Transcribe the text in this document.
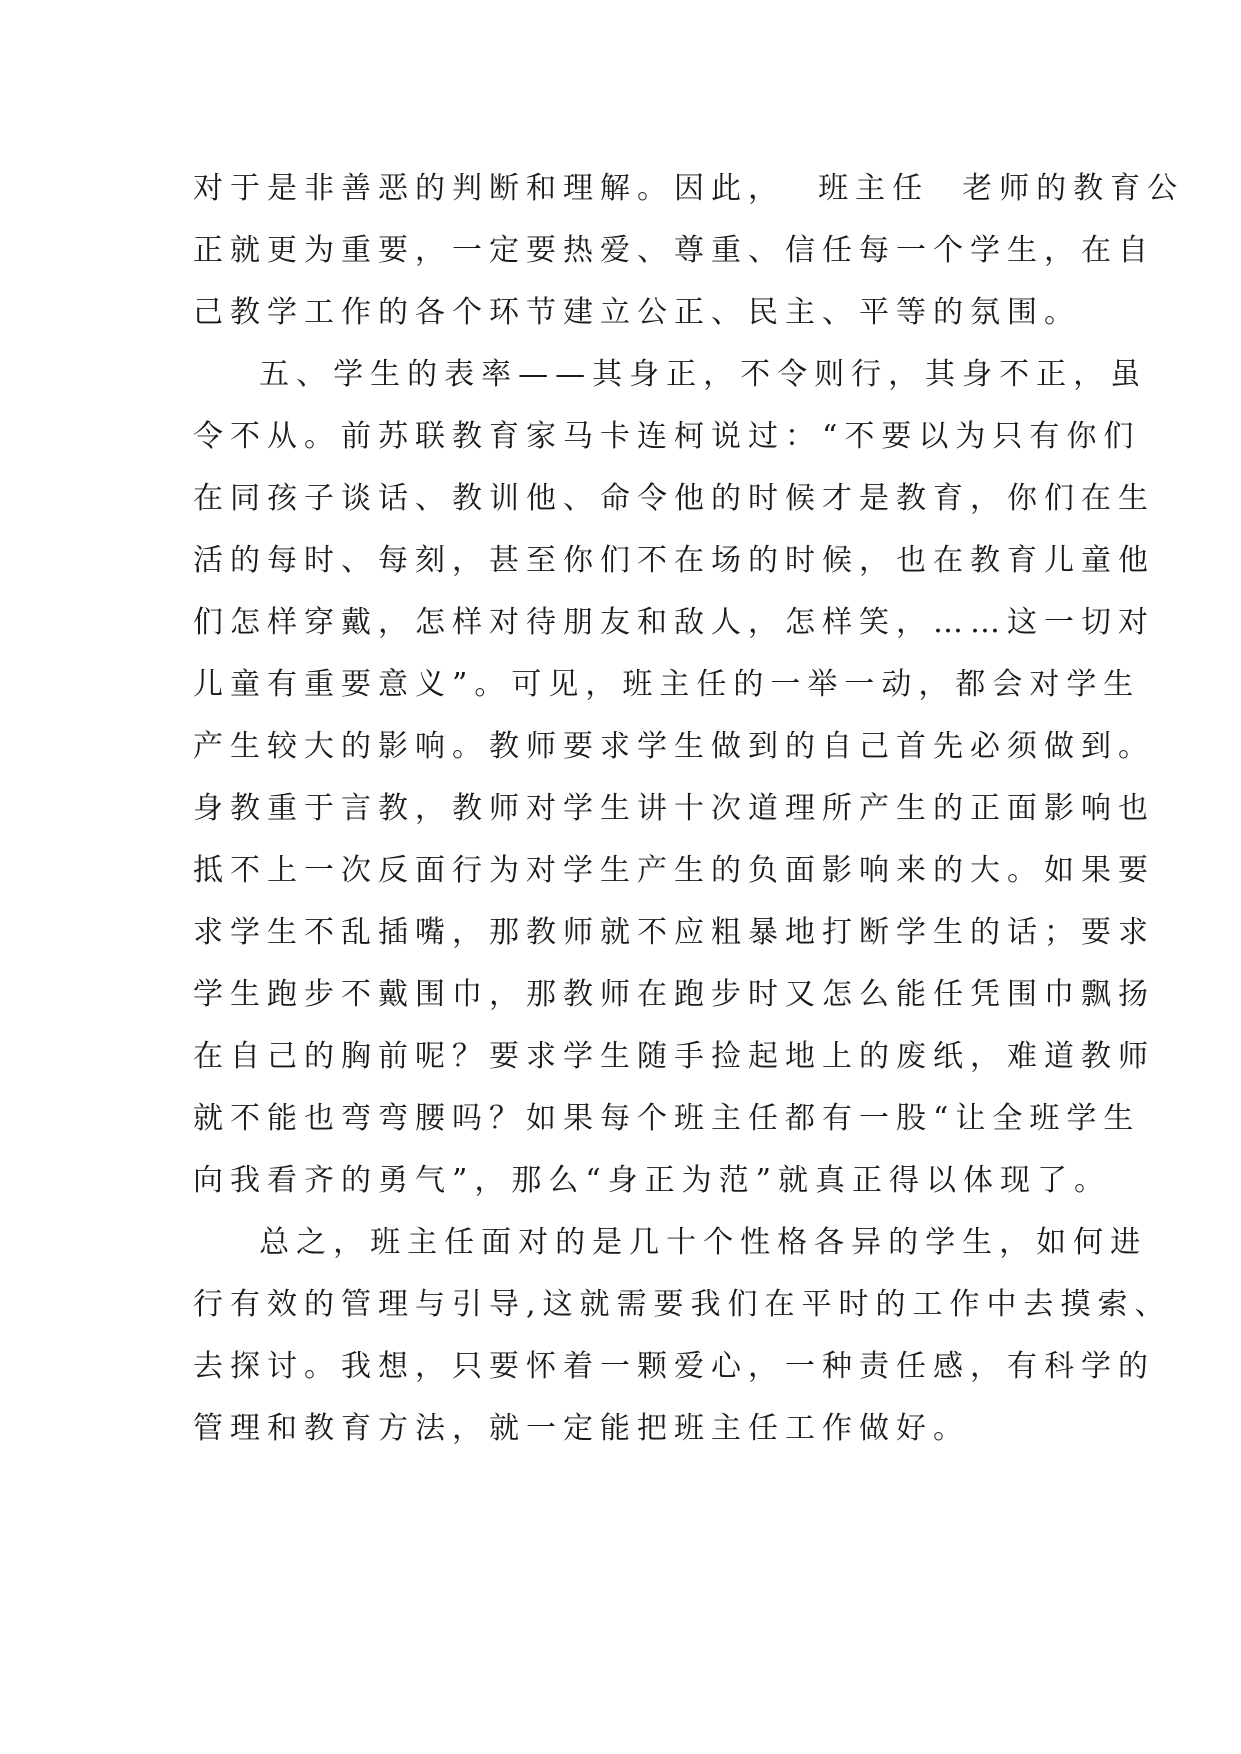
对于是非善恶的判断和理解。因此，  班主任  老师的教育公
正就更为重要，一定要热爱、尊重、信任每一个学生，在自
己教学工作的各个环节建立公正、民主、平等的氛围。
五、学生的表率——其身正，不令则行，其身不正，虽
令不从。前苏联教育家马卡连柯说过：“不要以为只有你们
在同孩子谈话、教训他、命令他的时候才是教育，你们在生
活的每时、每刻，甚至你们不在场的时候，也在教育儿童他
们怎样穿戴，怎样对待朋友和敌人，怎样笑，……这一切对
儿童有重要意义”。可见，班主任的一举一动，都会对学生
产生较大的影响。教师要求学生做到的自己首先必须做到。
身教重于言教，教师对学生讲十次道理所产生的正面影响也
抵不上一次反面行为对学生产生的负面影响来的大。如果要
求学生不乱插嘴，那教师就不应粗暴地打断学生的话；要求
学生跑步不戴围巾，那教师在跑步时又怎么能任凭围巾飘扬
在自己的胸前呢？要求学生随手捡起地上的废纸，难道教师
就不能也弯弯腰吗？如果每个班主任都有一股“让全班学生
向我看齐的勇气”，那么“身正为范”就真正得以体现了。
总之，班主任面对的是几十个性格各异的学生，如何进
行有效的管理与引导,这就需要我们在平时的工作中去摸索、
去探讨。我想，只要怀着一颗爱心，一种责任感，有科学的
管理和教育方法，就一定能把班主任工作做好。
